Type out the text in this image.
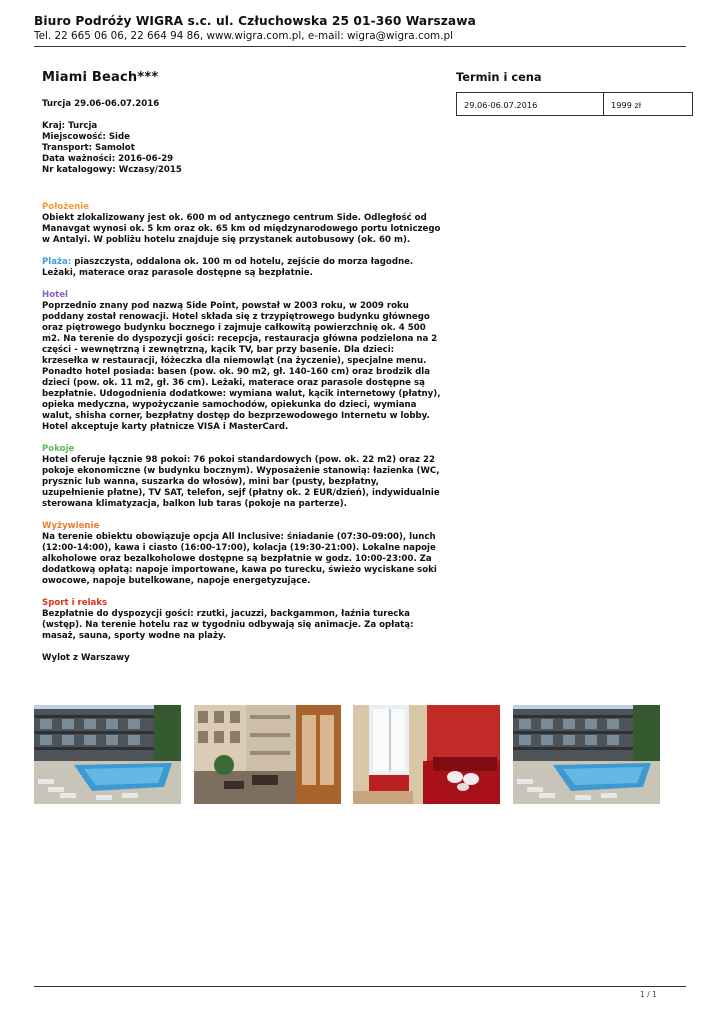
Biuro Podróży WIGRA s.c. ul. Człuchowska 25 01-360 Warszawa
Tel. 22 665 06 06, 22 664 94 86, www.wigra.com.pl, e-mail: wigra@wigra.com.pl
Miami Beach***
Turcja 29.06-06.07.2016
Kraj: Turcja
Miejscowość: Side
Transport: Samolot
Data ważności: 2016-06-29
Nr katalogowy: Wczasy/2015
Położenie
Obiekt zlokalizowany jest ok. 600 m od antycznego centrum Side. Odległość od Manavgat wynosi ok. 5 km oraz ok. 65 km od międzynarodowego portu lotniczego w Antalyi. W pobliżu hotelu znajduje się przystanek autobusowy (ok. 60 m).
Plaża: piaszczysta, oddalona ok. 100 m od hotelu, zejście do morza łagodne. Leżaki, materace oraz parasole dostępne są bezpłatnie.
Hotel
Poprzednio znany pod nazwą Side Point, powstał w 2003 roku, w 2009 roku poddany został renowacji. Hotel składa się z trzypiętrowego budynku głównego oraz piętrowego budynku bocznego i zajmuje całkowitą powierzchnię ok. 4 500 m2. Na terenie do dyspozycji gości: recepcja, restauracja główna podzielona na 2 części - wewnętrzną i zewnętrzną, kącik TV, bar przy basenie. Dla dzieci: krzesełka w restauracji, łóżeczka dla niemowląt (na życzenie), specjalne menu. Ponadto hotel posiada: basen (pow. ok. 90 m2, gł. 140-160 cm) oraz brodzik dla dzieci (pow. ok. 11 m2, gł. 36 cm). Leżaki, materace oraz parasole dostępne są bezpłatnie. Udogodnienia dodatkowe: wymiana walut, kącik internetowy (płatny), opieka medyczna, wypożyczanie samochodów, opiekunka do dzieci, wymiana walut, shisha corner, bezpłatny dostęp do bezprzewodowego Internetu w lobby. Hotel akceptuje karty płatnicze VISA i MasterCard.
Pokoje
Hotel oferuje łącznie 98 pokoi: 76 pokoi standardowych (pow. ok. 22 m2) oraz 22 pokoje ekonomiczne (w budynku bocznym). Wyposażenie stanowią: łazienka (WC, prysznic lub wanna, suszarka do włosów), mini bar (pusty, bezpłatny, uzupełnienie płatne), TV SAT, telefon, sejf (płatny ok. 2 EUR/dzień), indywidualnie sterowana klimatyzacja, balkon lub taras (pokoje na parterze).
Wyżywienie
Na terenie obiektu obowiązuje opcja All Inclusive: śniadanie (07:30-09:00), lunch (12:00-14:00), kawa i ciasto (16:00-17:00), kolacja (19:30-21:00). Lokalne napoje alkoholowe oraz bezalkoholowe dostępne są bezpłatnie w godz. 10:00-23:00. Za dodatkową opłatą: napoje importowane, kawa po turecku, świeżo wyciskane soki owocowe, napoje butelkowane, napoje energetyzujące.
Sport i relaks
Bezpłatnie do dyspozycji gości: rzutki, jacuzzi, backgammon, łaźnia turecka (wstęp). Na terenie hotelu raz w tygodniu odbywają się animacje. Za opłatą: masaż, sauna, sporty wodne na plaży.
Wylot z Warszawy
Termin i cena
29.06-06.07.2016	1999 zł
1 / 1
